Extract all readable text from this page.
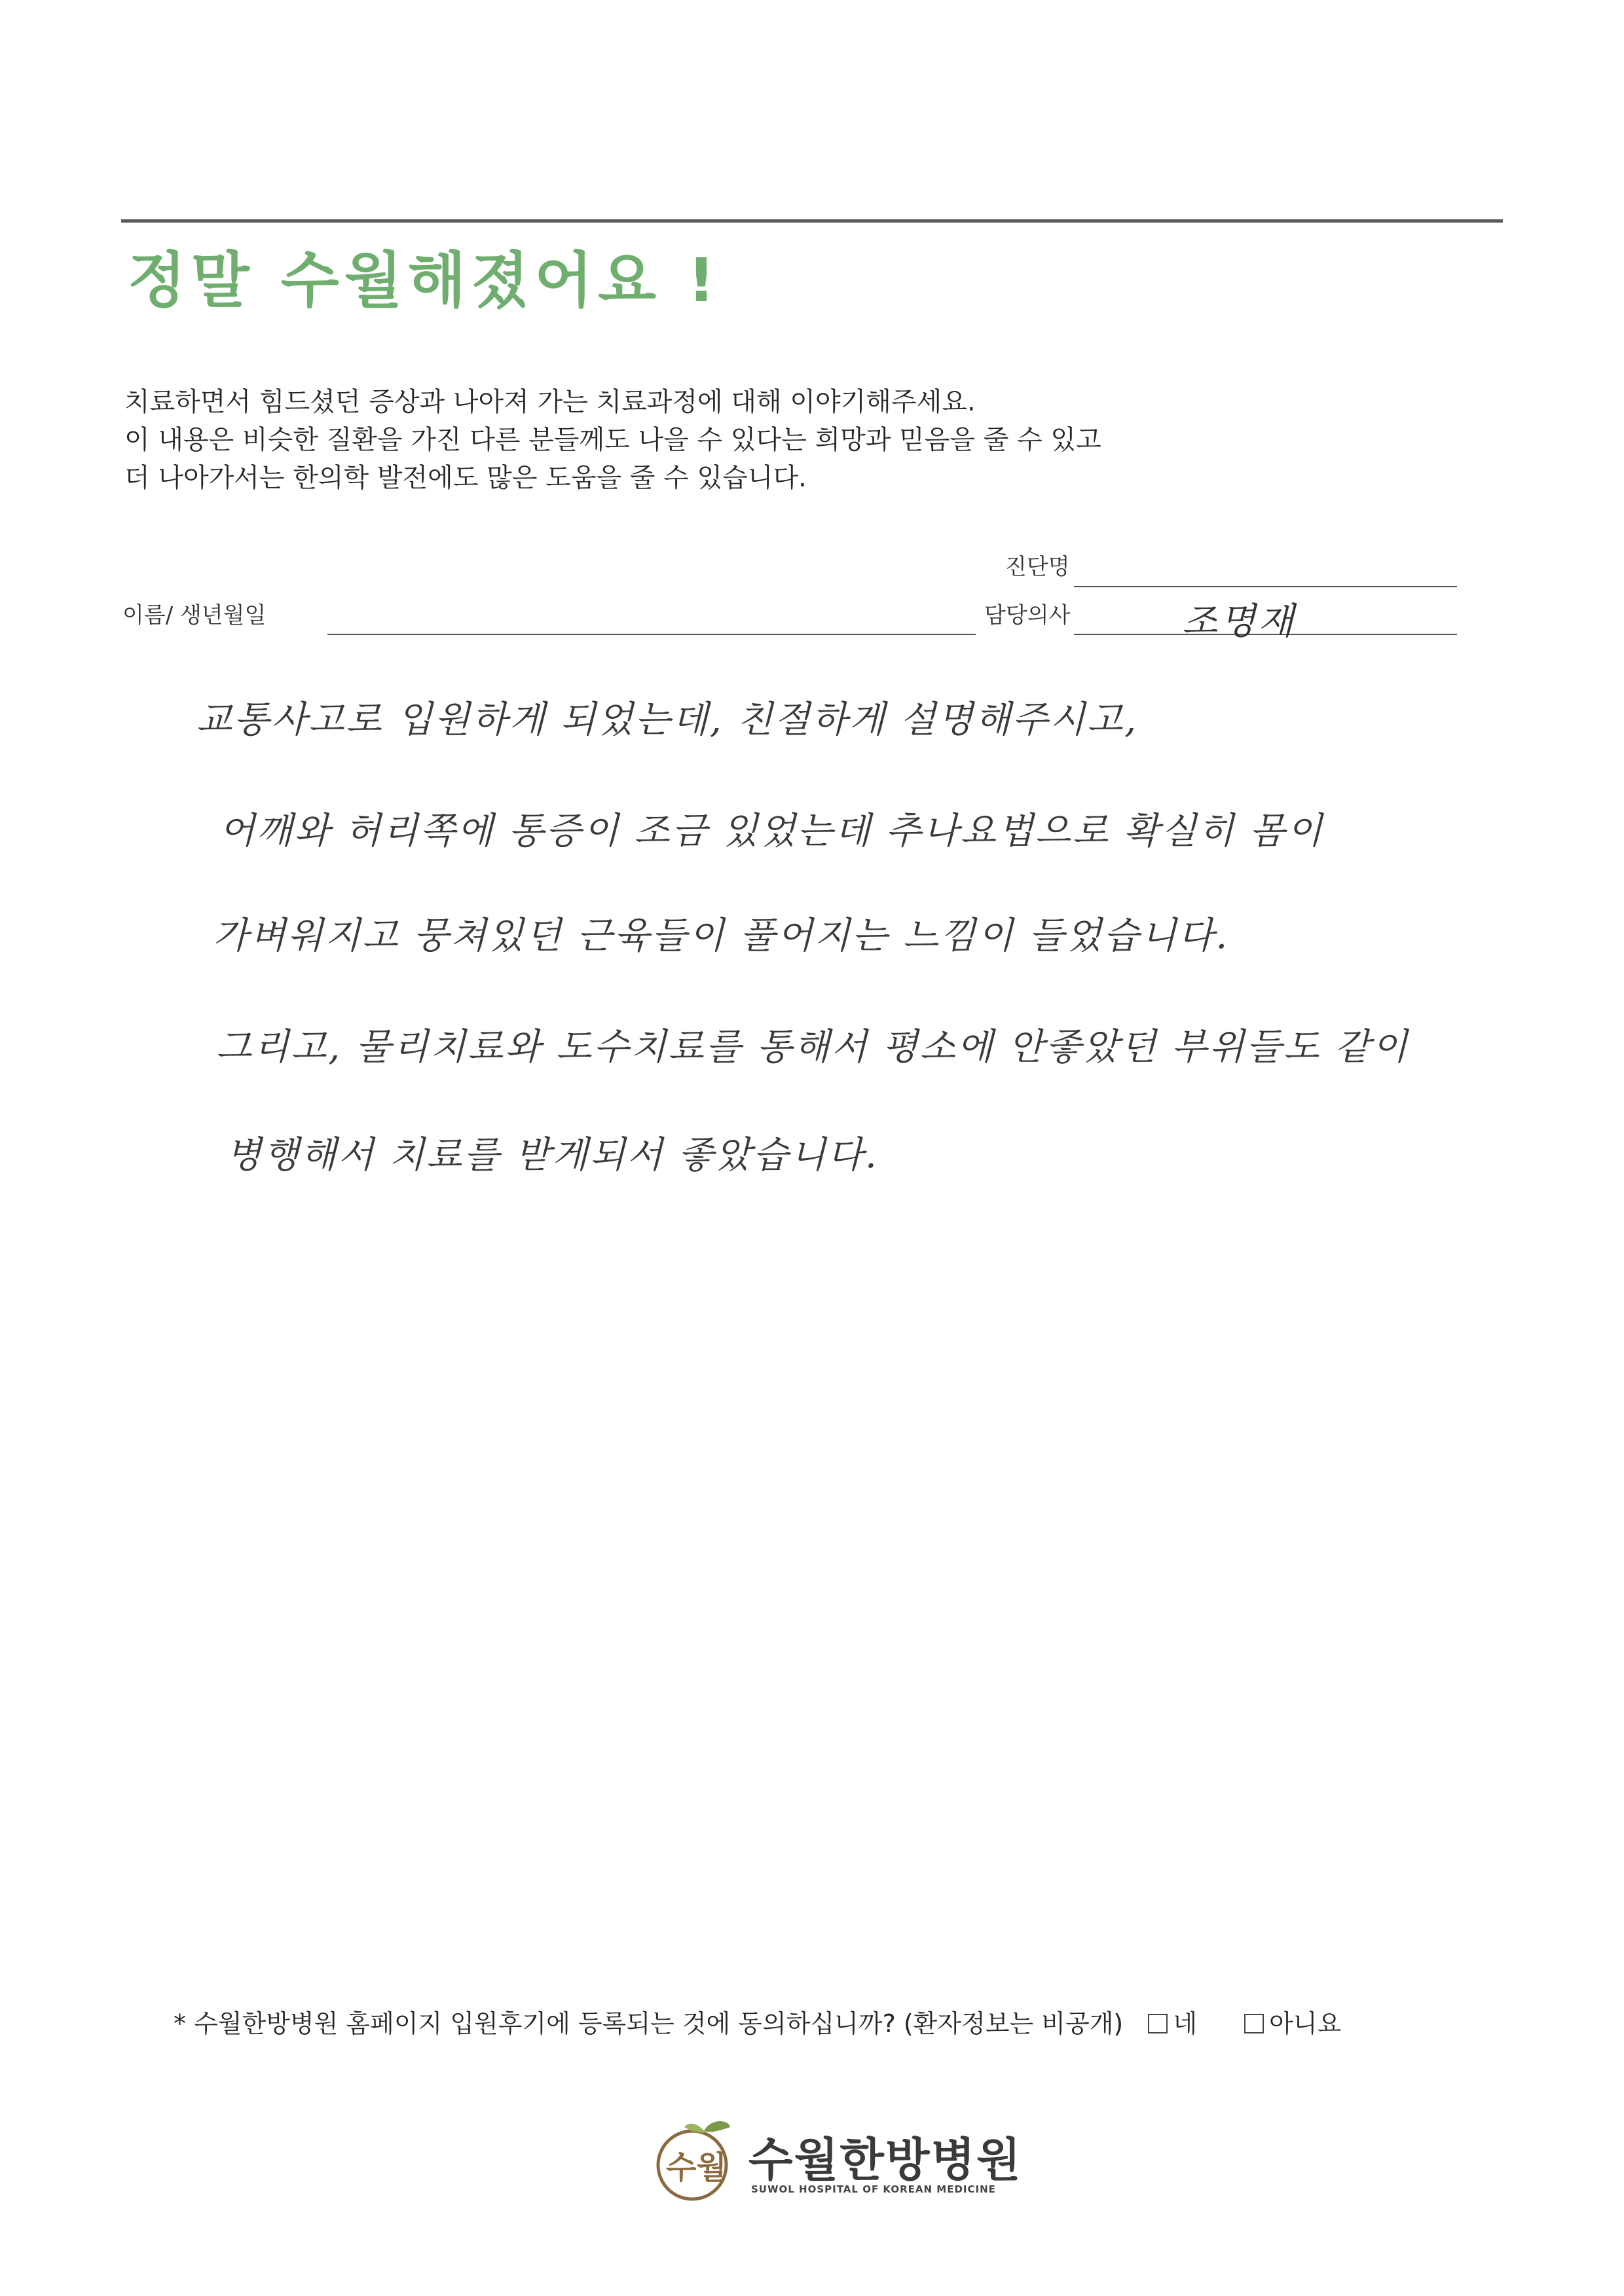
정말 수월해졌어요 !

치료하면서 힘드셨던 증상과 나아져 가는 치료과정에 대해 이야기해주세요.

이 내용은 비슷한 질환을 가진 다른 분들께도 나을 수 있다는 희망과 믿음을 줄 수 있고

더 나아가서는 한의학 발전에도 많은 도움을 줄 수 있습니다.

진단명
이름/ 생년월일	담당의사	조명재
교통사고로 입원하게 되었는데, 친절하게 설명해주시고,
어깨와 허리쪽에 통증이 조금 있었는데 추나요법으로 확실히 몸이
가벼워지고 뭉쳐있던 근육들이 풀어지는 느낌이 들었습니다.
그리고, 물리치료와 도수치료를 통해서 평소에 안좋았던 부위들도 같이
병행해서 치료를 받게되서 좋았습니다.
* 수월한방병원 홈페이지 입원후기에 등록되는 것에 동의하십니까? (환자정보는 비공개) 네	아니요
수월 수월한방병원
SUWOL HOSPITAL OF KOREAN MEDICINE
